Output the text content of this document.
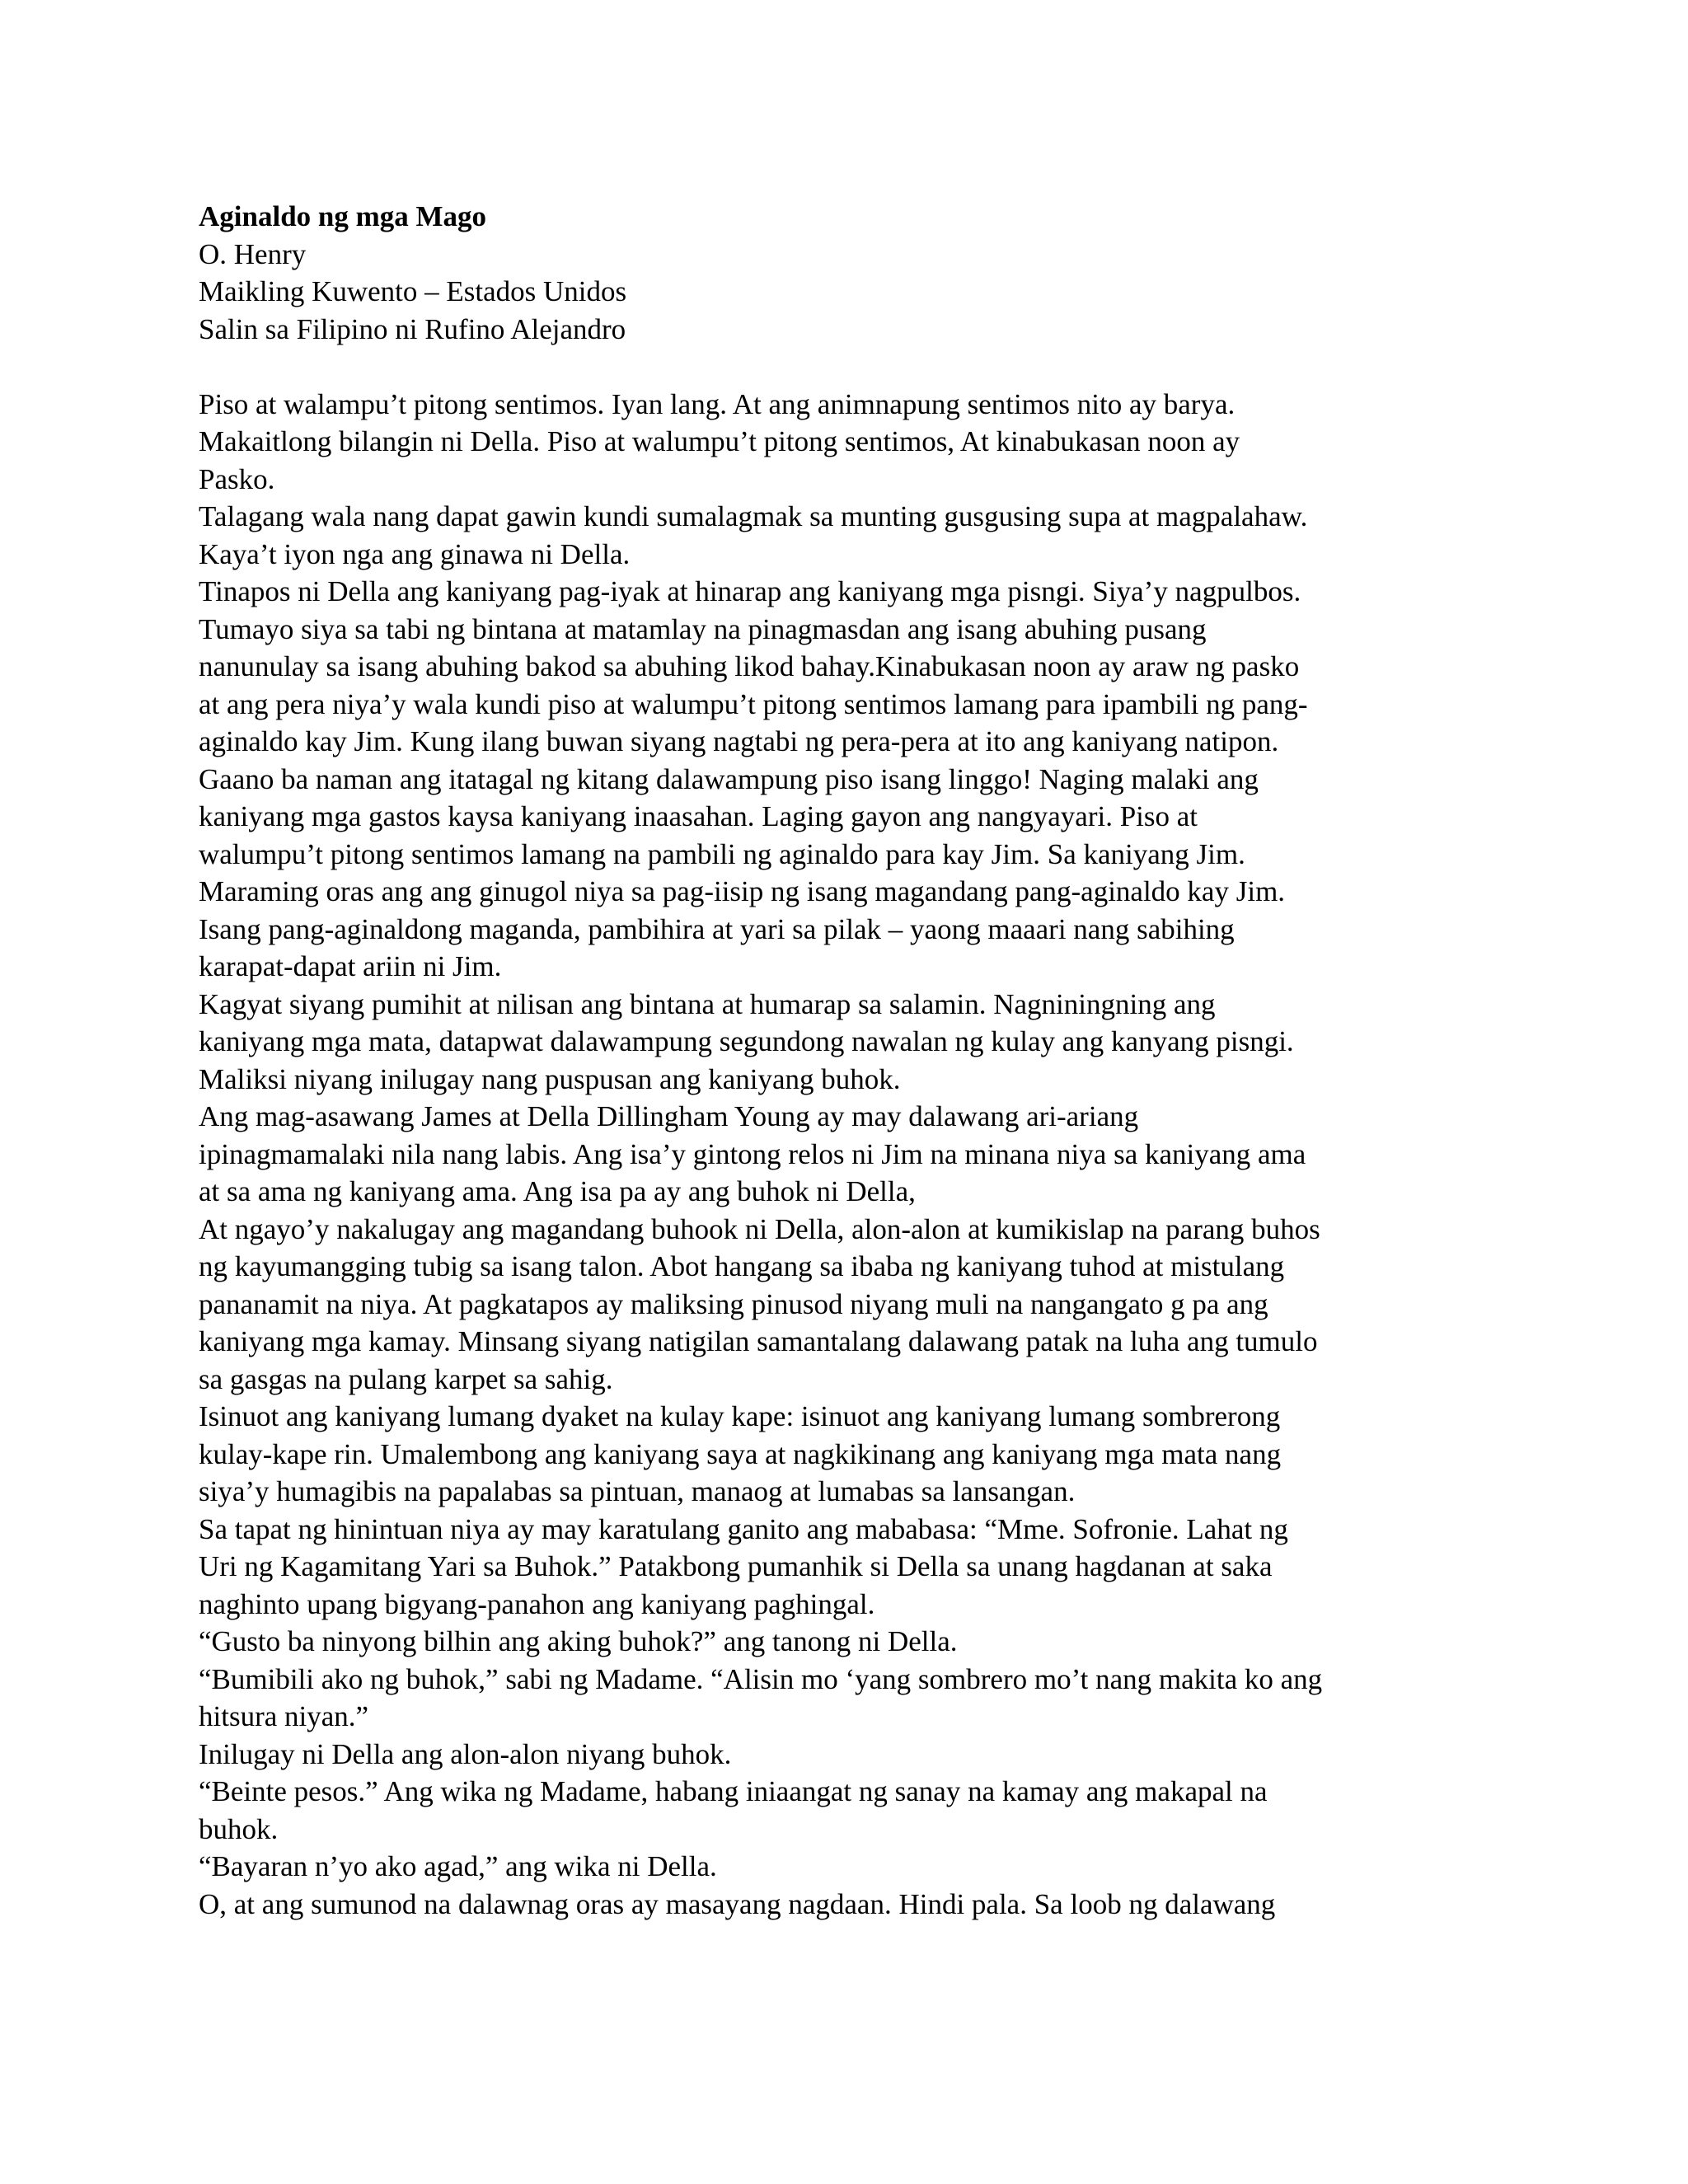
Aginaldo ng mga Mago
O. Henry
Maikling Kuwento – Estados Unidos
Salin sa Filipino ni Rufino Alejandro
Piso at walampu’t pitong sentimos. Iyan lang. At ang animnapung sentimos nito ay barya.
Makaitlong bilangin ni Della. Piso at walumpu’t pitong sentimos, At kinabukasan noon ay
Pasko.
Talagang wala nang dapat gawin kundi sumalagmak sa munting gusgusing supa at magpalahaw.
Kaya’t iyon nga ang ginawa ni Della.
Tinapos ni Della ang kaniyang pag-iyak at hinarap ang kaniyang mga pisngi. Siya’y nagpulbos.
Tumayo siya sa tabi ng bintana at matamlay na pinagmasdan ang isang abuhing pusang
nanunulay sa isang abuhing bakod sa abuhing likod bahay.Kinabukasan noon ay araw ng pasko
at ang pera niya’y wala kundi piso at walumpu’t pitong sentimos lamang para ipambili ng pang-
aginaldo kay Jim. Kung ilang buwan siyang nagtabi ng pera-pera at ito ang kaniyang natipon.
Gaano ba naman ang itatagal ng kitang dalawampung piso isang linggo! Naging malaki ang
kaniyang mga gastos kaysa kaniyang inaasahan. Laging gayon ang nangyayari. Piso at
walumpu’t pitong sentimos lamang na pambili ng aginaldo para kay Jim. Sa kaniyang Jim.
Maraming oras ang ang ginugol niya sa pag-iisip ng isang magandang pang-aginaldo kay Jim.
Isang pang-aginaldong maganda, pambihira at yari sa pilak – yaong maaari nang sabihing
karapat-dapat ariin ni Jim.
Kagyat siyang pumihit at nilisan ang bintana at humarap sa salamin. Nagniningning ang
kaniyang mga mata, datapwat dalawampung segundong nawalan ng kulay ang kanyang pisngi.
Maliksi niyang inilugay nang puspusan ang kaniyang buhok.
Ang mag-asawang James at Della Dillingham Young ay may dalawang ari-ariang
ipinagmamalaki nila nang labis. Ang isa’y gintong relos ni Jim na minana niya sa kaniyang ama
at sa ama ng kaniyang ama. Ang isa pa ay ang buhok ni Della,
At ngayo’y nakalugay ang magandang buhook ni Della, alon-alon at kumikislap na parang buhos
ng kayumangging tubig sa isang talon. Abot hangang sa ibaba ng kaniyang tuhod at mistulang
pananamit na niya. At pagkatapos ay maliksing pinusod niyang muli na nangangato g pa ang
kaniyang mga kamay. Minsang siyang natigilan samantalang dalawang patak na luha ang tumulo
sa gasgas na pulang karpet sa sahig.
Isinuot ang kaniyang lumang dyaket na kulay kape: isinuot ang kaniyang lumang sombrerong
kulay-kape rin. Umalembong ang kaniyang saya at nagkikinang ang kaniyang mga mata nang
siya’y humagibis na papalabas sa pintuan, manaog at lumabas sa lansangan.
Sa tapat ng hinintuan niya ay may karatulang ganito ang mababasa: “Mme. Sofronie. Lahat ng
Uri ng Kagamitang Yari sa Buhok.” Patakbong pumanhik si Della sa unang hagdanan at saka
naghinto upang bigyang-panahon ang kaniyang paghingal.
“Gusto ba ninyong bilhin ang aking buhok?” ang tanong ni Della.
“Bumibili ako ng buhok,” sabi ng Madame. “Alisin mo ‘yang sombrero mo’t nang makita ko ang
hitsura niyan.”
Inilugay ni Della ang alon-alon niyang buhok.
“Beinte pesos.” Ang wika ng Madame, habang iniaangat ng sanay na kamay ang makapal na
buhok.
“Bayaran n’yo ako agad,” ang wika ni Della.
O, at ang sumunod na dalawnag oras ay masayang nagdaan. Hindi pala. Sa loob ng dalawang
